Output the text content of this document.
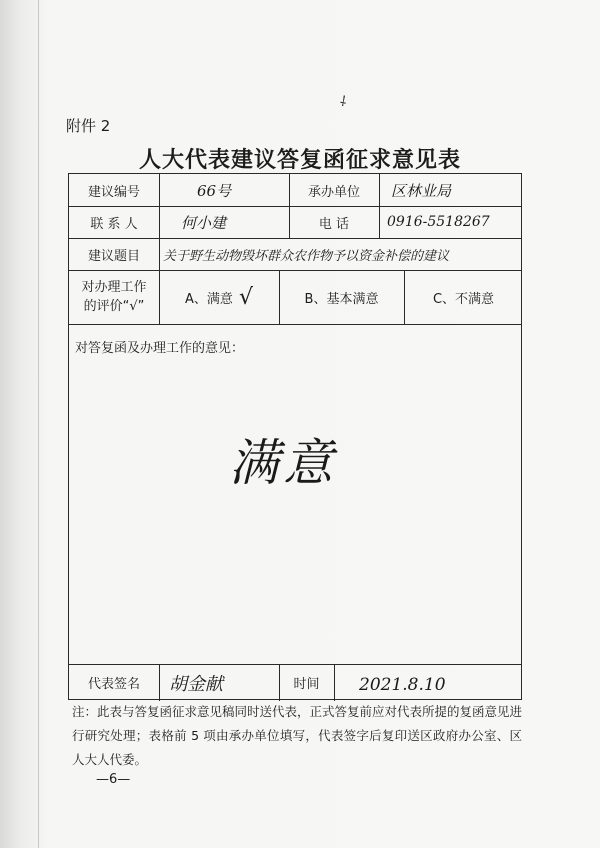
⸸
附件 2
人大代表建议答复函征求意见表
建议编号	66号	承办单位	区林业局
联 系 人	何小建	电 话	0916-5518267
建议题目	关于野生动物毁坏群众农作物予以资金补偿的建议
对办理工作
的评价“√”	A、满意 √	B、基本满意	C、不满意
对答复函及办理工作的意见：
满意
代表签名	胡金献	时间	2021.8.10
注：此表与答复函征求意见稿同时送代表，正式答复前应对代表所提的复函意见进行研究处理；表格前 5 项由承办单位填写，代表签字后复印送区政府办公室、区人大人代委。
—6—
